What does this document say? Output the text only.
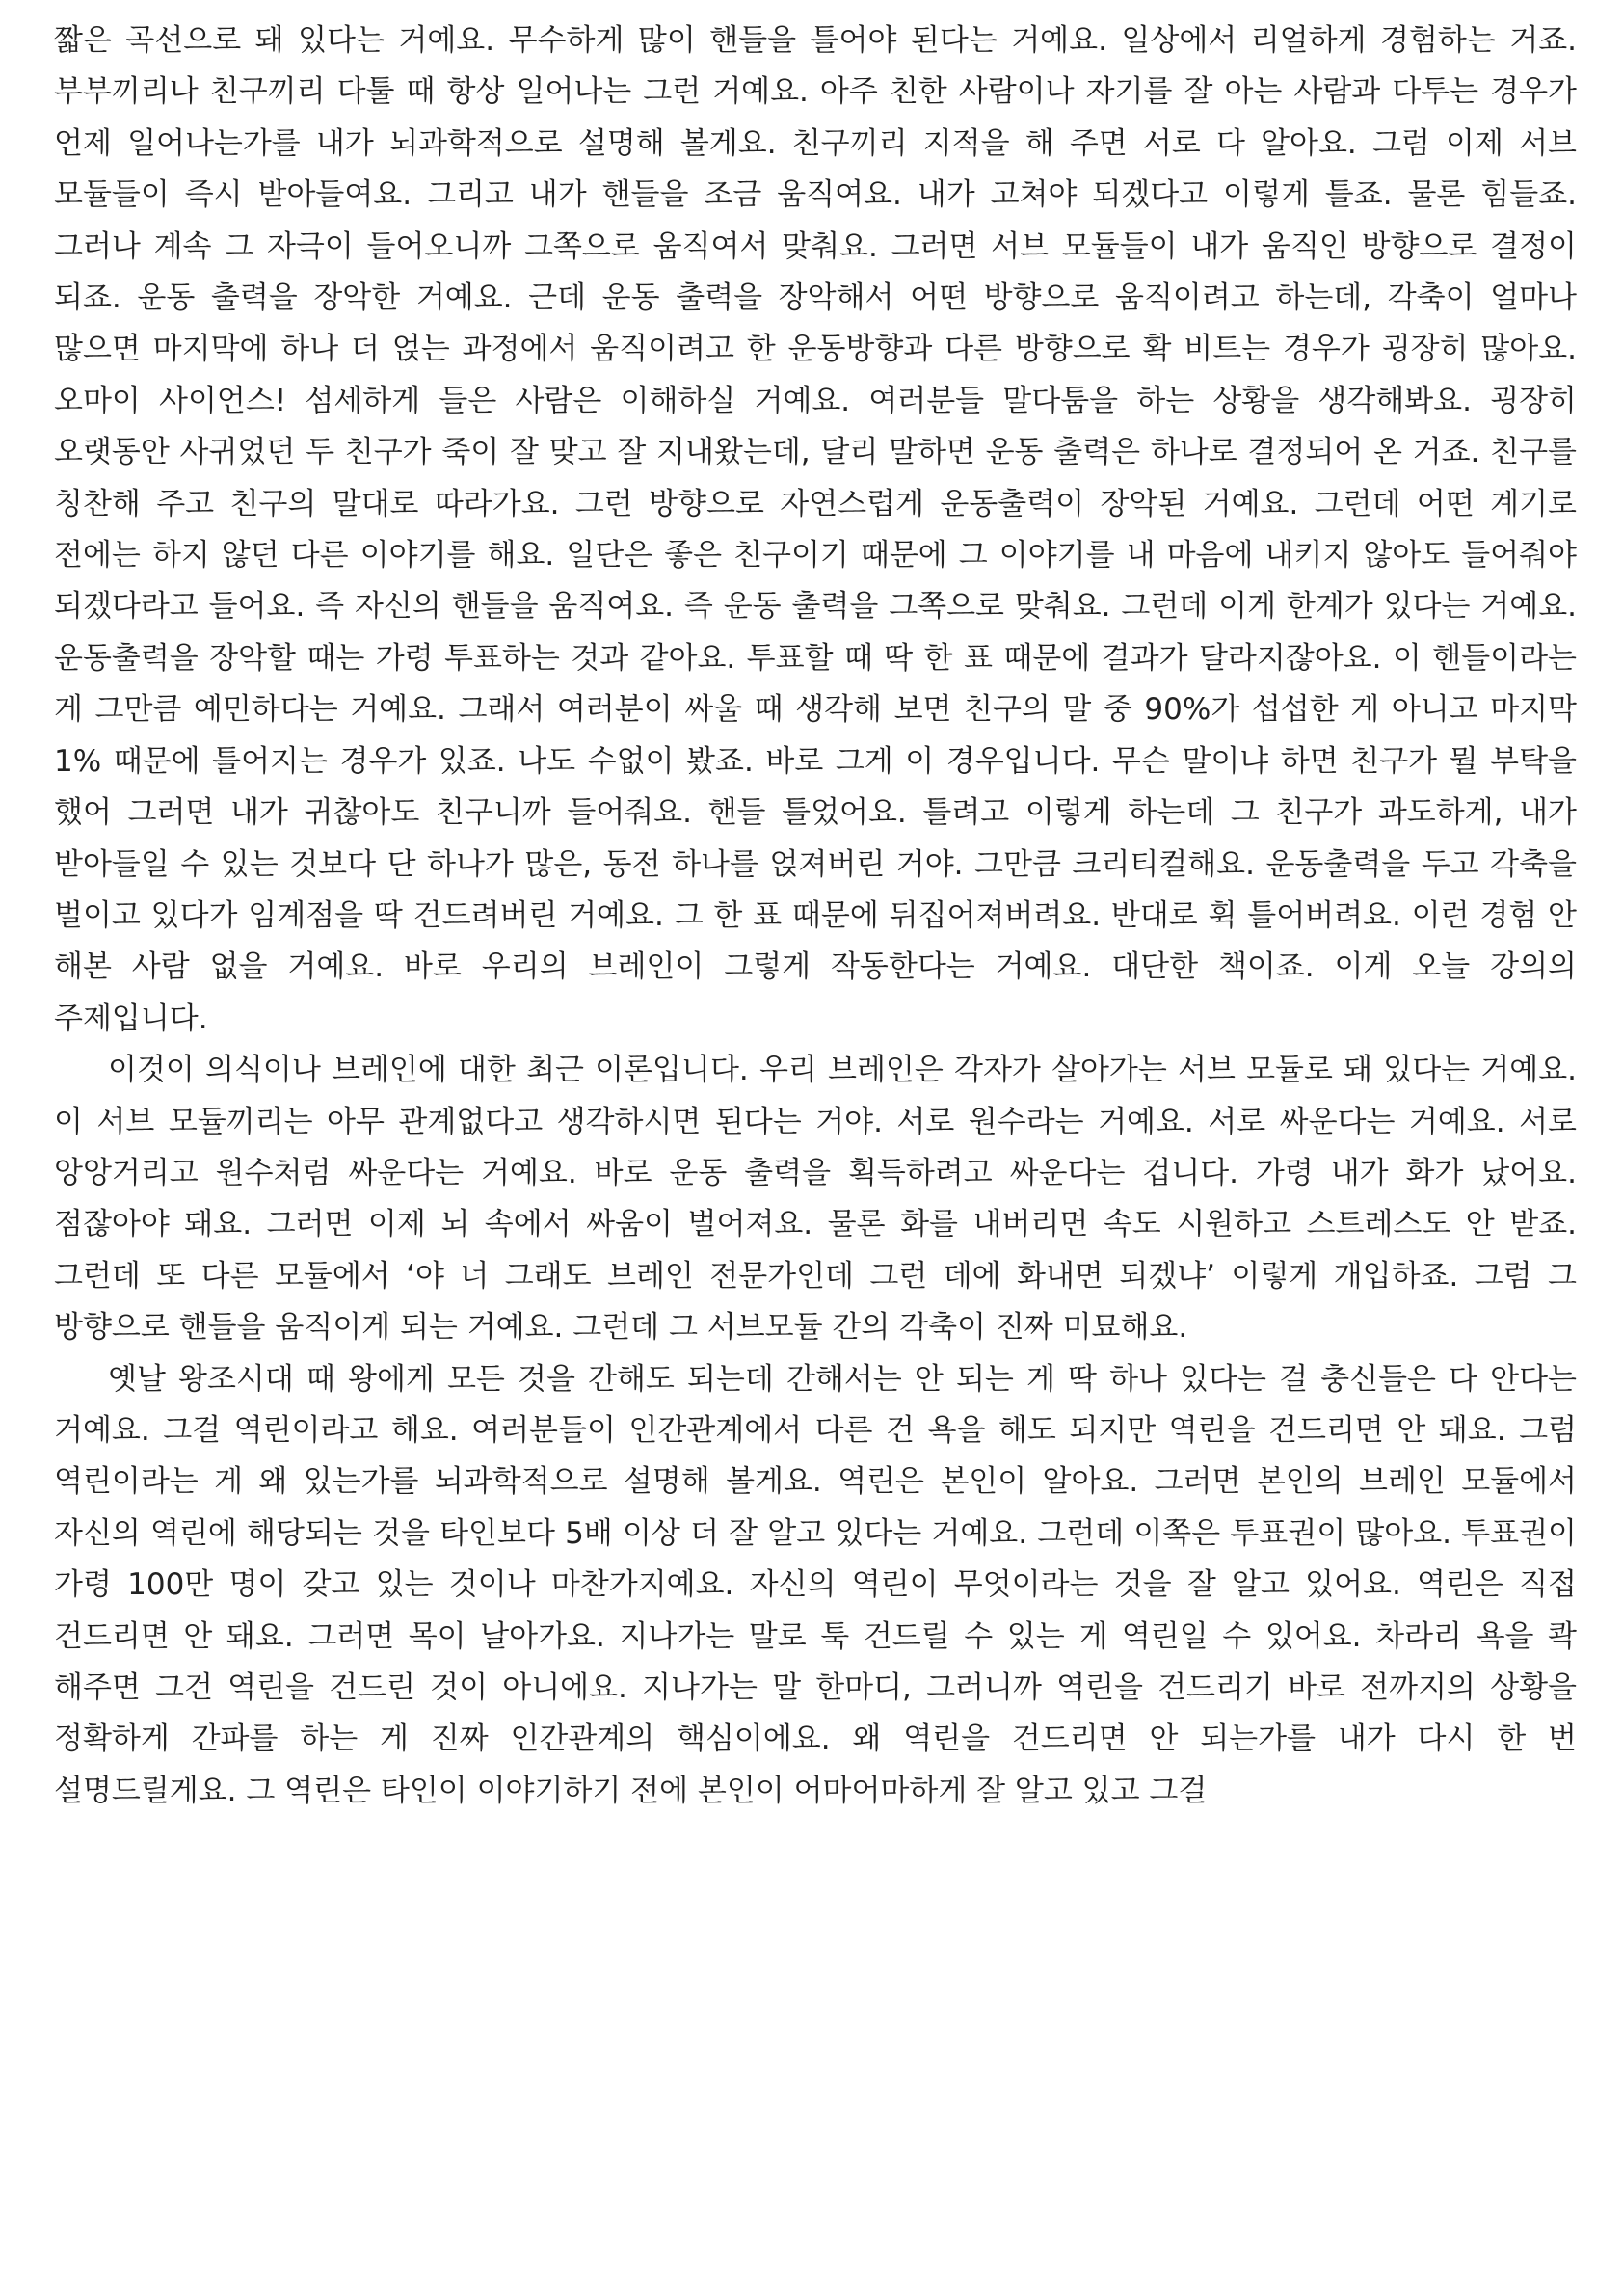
짧은 곡선으로 돼 있다는 거예요. 무수하게 많이 핸들을 틀어야 된다는 거예요. 일상에서 리얼하게 경험하는 거죠. 부부끼리나 친구끼리 다툴 때 항상 일어나는 그런 거예요. 아주 친한 사람이나 자기를 잘 아는 사람과 다투는 경우가 언제 일어나는가를 내가 뇌과학적으로 설명해 볼게요. 친구끼리 지적을 해 주면 서로 다 알아요. 그럼 이제 서브 모듈들이 즉시 받아들여요. 그리고 내가 핸들을 조금 움직여요. 내가 고쳐야 되겠다고 이렇게 틀죠. 물론 힘들죠. 그러나 계속 그 자극이 들어오니까 그쪽으로 움직여서 맞춰요. 그러면 서브 모듈들이 내가 움직인 방향으로 결정이 되죠. 운동 출력을 장악한 거예요. 근데 운동 출력을 장악해서 어떤 방향으로 움직이려고 하는데, 각축이 얼마나 많으면 마지막에 하나 더 얹는 과정에서 움직이려고 한 운동방향과 다른 방향으로 확 비트는 경우가 굉장히 많아요. 오마이 사이언스! 섬세하게 들은 사람은 이해하실 거예요. 여러분들 말다툼을 하는 상황을 생각해봐요. 굉장히 오랫동안 사귀었던 두 친구가 죽이 잘 맞고 잘 지내왔는데, 달리 말하면 운동 출력은 하나로 결정되어 온 거죠. 친구를 칭찬해 주고 친구의 말대로 따라가요. 그런 방향으로 자연스럽게 운동출력이 장악된 거예요. 그런데 어떤 계기로 전에는 하지 않던 다른 이야기를 해요. 일단은 좋은 친구이기 때문에 그 이야기를 내 마음에 내키지 않아도 들어줘야 되겠다라고 들어요. 즉 자신의 핸들을 움직여요. 즉 운동 출력을 그쪽으로 맞춰요. 그런데 이게 한계가 있다는 거예요. 운동출력을 장악할 때는 가령 투표하는 것과 같아요. 투표할 때 딱 한 표 때문에 결과가 달라지잖아요. 이 핸들이라는 게 그만큼 예민하다는 거예요. 그래서 여러분이 싸울 때 생각해 보면 친구의 말 중 90%가 섭섭한 게 아니고 마지막 1% 때문에 틀어지는 경우가 있죠. 나도 수없이 봤죠. 바로 그게 이 경우입니다. 무슨 말이냐 하면 친구가 뭘 부탁을 했어 그러면 내가 귀찮아도 친구니까 들어줘요. 핸들 틀었어요. 틀려고 이렇게 하는데 그 친구가 과도하게, 내가 받아들일 수 있는 것보다 단 하나가 많은, 동전 하나를 얹져버린 거야. 그만큼 크리티컬해요. 운동출력을 두고 각축을 벌이고 있다가 임계점을 딱 건드려버린 거예요. 그 한 표 때문에 뒤집어져버려요. 반대로 휙 틀어버려요. 이런 경험 안 해본 사람 없을 거예요. 바로 우리의 브레인이 그렇게 작동한다는 거예요. 대단한 책이죠. 이게 오늘 강의의 주제입니다.

이것이 의식이나 브레인에 대한 최근 이론입니다. 우리 브레인은 각자가 살아가는 서브 모듈로 돼 있다는 거예요. 이 서브 모듈끼리는 아무 관계없다고 생각하시면 된다는 거야. 서로 원수라는 거예요. 서로 싸운다는 거예요. 서로 앙앙거리고 원수처럼 싸운다는 거예요. 바로 운동 출력을 획득하려고 싸운다는 겁니다. 가령 내가 화가 났어요. 점잖아야 돼요. 그러면 이제 뇌 속에서 싸움이 벌어져요. 물론 화를 내버리면 속도 시원하고 스트레스도 안 받죠. 그런데 또 다른 모듈에서 ‘야 너 그래도 브레인 전문가인데 그런 데에 화내면 되겠냐’ 이렇게 개입하죠. 그럼 그 방향으로 핸들을 움직이게 되는 거예요. 그런데 그 서브모듈 간의 각축이 진짜 미묘해요.

옛날 왕조시대 때 왕에게 모든 것을 간해도 되는데 간해서는 안 되는 게 딱 하나 있다는 걸 충신들은 다 안다는 거예요. 그걸 역린이라고 해요. 여러분들이 인간관계에서 다른 건 욕을 해도 되지만 역린을 건드리면 안 돼요. 그럼 역린이라는 게 왜 있는가를 뇌과학적으로 설명해 볼게요. 역린은 본인이 알아요. 그러면 본인의 브레인 모듈에서 자신의 역린에 해당되는 것을 타인보다 5배 이상 더 잘 알고 있다는 거예요. 그런데 이쪽은 투표권이 많아요. 투표권이 가령 100만 명이 갖고 있는 것이나 마찬가지예요. 자신의 역린이 무엇이라는 것을 잘 알고 있어요. 역린은 직접 건드리면 안 돼요. 그러면 목이 날아가요. 지나가는 말로 툭 건드릴 수 있는 게 역린일 수 있어요. 차라리 욕을 콱 해주면 그건 역린을 건드린 것이 아니에요. 지나가는 말 한마디, 그러니까 역린을 건드리기 바로 전까지의 상황을 정확하게 간파를 하는 게 진짜 인간관계의 핵심이에요. 왜 역린을 건드리면 안 되는가를 내가 다시 한 번 설명드릴게요. 그 역린은 타인이 이야기하기 전에 본인이 어마어마하게 잘 알고 있고 그걸
